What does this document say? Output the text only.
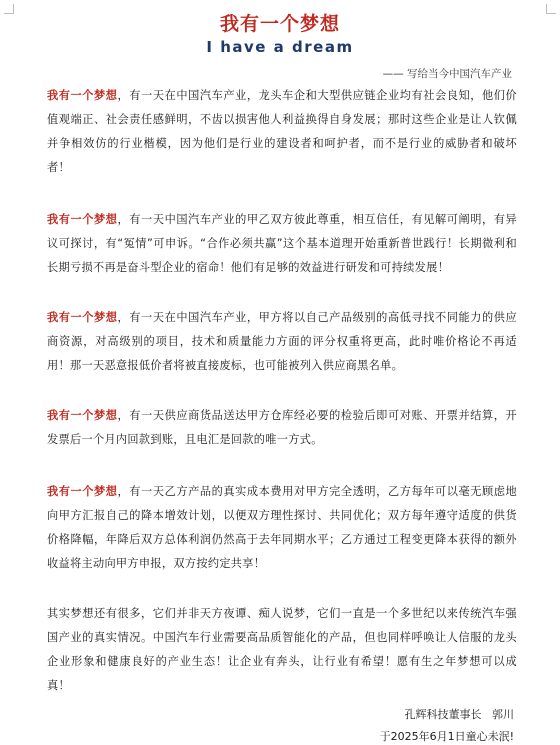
我有一个梦想
I have a dream
—— 写给当今中国汽车产业

我有一个梦想，有一天在中国汽车产业，龙头车企和大型供应链企业均有社会良知，他们价值观端正、社会责任感鲜明，不齿以损害他人利益换得自身发展；那时这些企业是让人钦佩并争相效仿的行业楷模，因为他们是行业的建设者和呵护者，而不是行业的威胁者和破坏者！

我有一个梦想，有一天中国汽车产业的甲乙双方彼此尊重，相互信任，有见解可阐明，有异议可探讨，有“冤情”可申诉。“合作必须共赢”这个基本道理开始重新普世践行！长期微利和长期亏损不再是奋斗型企业的宿命！他们有足够的效益进行研发和可持续发展！

我有一个梦想，有一天在中国汽车产业，甲方将以自己产品级别的高低寻找不同能力的供应商资源，对高级别的项目，技术和质量能力方面的评分权重将更高，此时唯价格论不再适用！那一天恶意报低价者将被直接废标，也可能被列入供应商黑名单。

我有一个梦想，有一天供应商货品送达甲方仓库经必要的检验后即可对账、开票并结算，开发票后一个月内回款到账，且电汇是回款的唯一方式。

我有一个梦想，有一天乙方产品的真实成本费用对甲方完全透明，乙方每年可以毫无顾虑地向甲方汇报自己的降本增效计划，以便双方理性探讨、共同优化；双方每年遵守适度的供货价格降幅，年降后双方总体利润仍然高于去年同期水平；乙方通过工程变更降本获得的额外收益将主动向甲方申报，双方按约定共享！

其实梦想还有很多，它们并非天方夜谭、痴人说梦，它们一直是一个多世纪以来传统汽车强国产业的真实情况。中国汽车行业需要高品质智能化的产品，但也同样呼唤让人信服的龙头企业形象和健康良好的产业生态！让企业有奔头，让行业有希望！愿有生之年梦想可以成真！

孔辉科技董事长 郭川
于2025年6月1日童心未泯!
